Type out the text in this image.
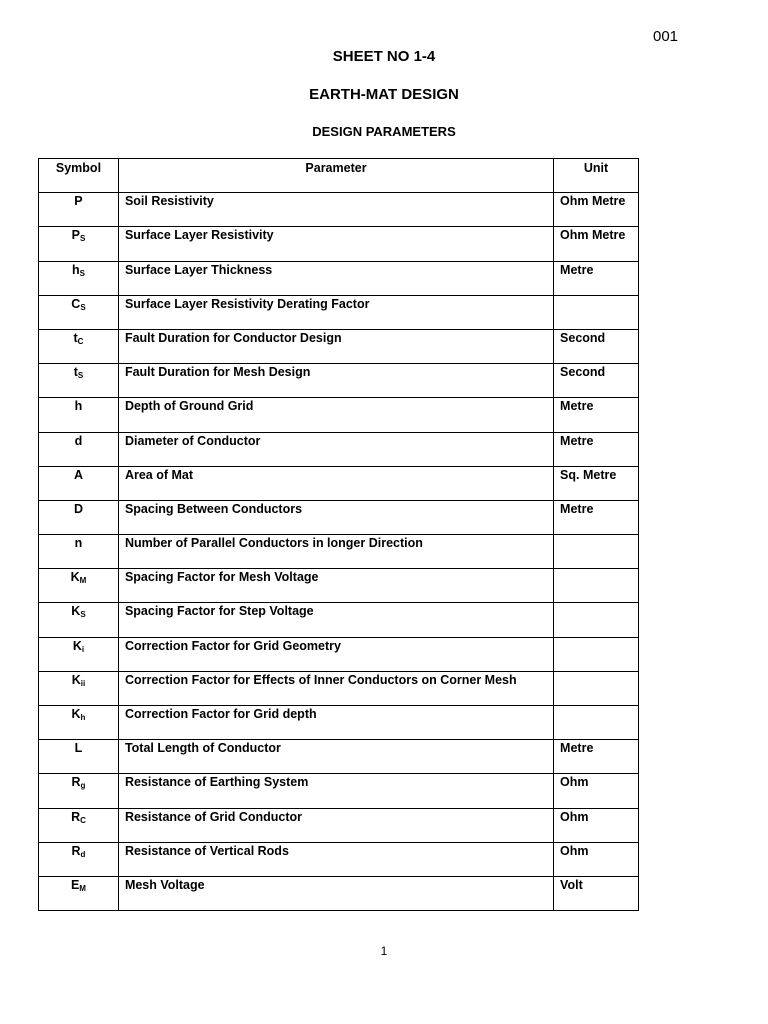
001
SHEET NO 1-4
EARTH-MAT DESIGN
DESIGN PARAMETERS
Symbol	Parameter	Unit
P	Soil Resistivity	Ohm Metre
$P_S$	Surface Layer Resistivity	Ohm Metre
$h_S$	Surface Layer Thickness	Metre
$C_S$	Surface Layer Resistivity Derating Factor	
$t_C$	Fault Duration for Conductor Design	Second
$t_S$	Fault Duration for Mesh Design	Second
h	Depth of Ground Grid	Metre
d	Diameter of Conductor	Metre
A	Area of Mat	Sq. Metre
D	Spacing Between Conductors	Metre
n	Number of Parallel Conductors in longer Direction	
$K_M$	Spacing Factor for Mesh Voltage	
$K_S$	Spacing Factor for Step Voltage	
$K_i$	Correction Factor for Grid Geometry	
$K_{ii}$	Correction Factor for Effects of Inner Conductors on Corner Mesh	
$K_h$	Correction Factor for Grid depth	
L	Total Length of Conductor	Metre
$R_g$	Resistance of Earthing System	Ohm
$R_C$	Resistance of Grid Conductor	Ohm
$R_d$	Resistance of Vertical Rods	Ohm
$E_M$	Mesh Voltage	Volt
1
